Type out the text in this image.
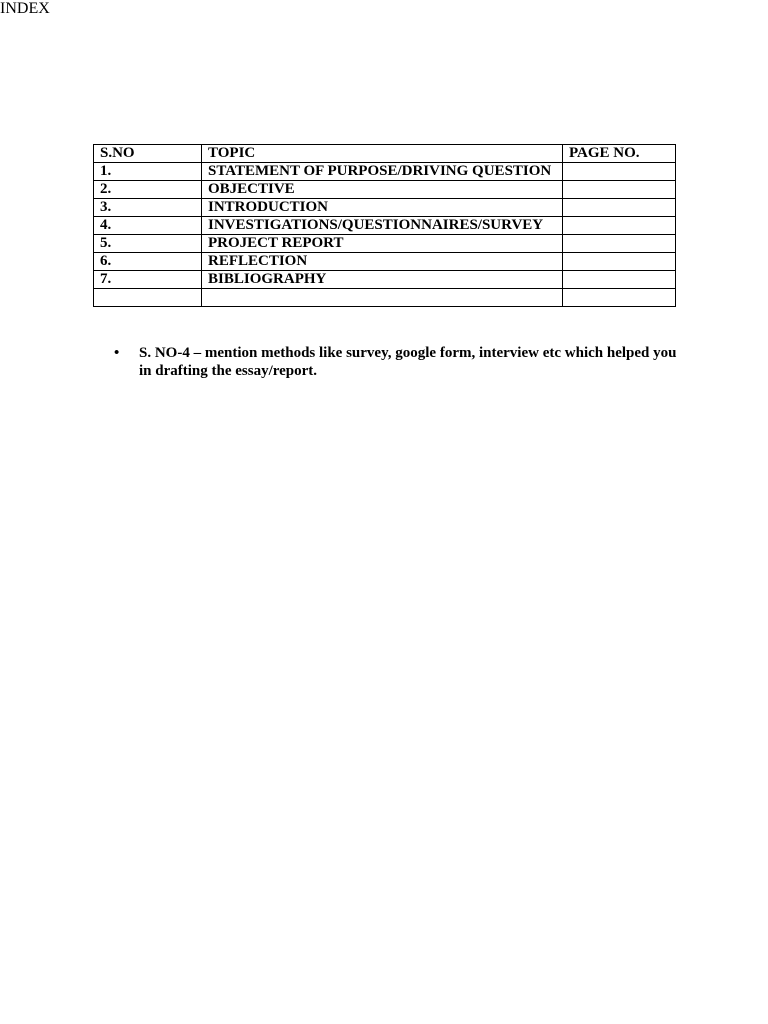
INDEX
S.NO	TOPIC	PAGE NO.
1.	STATEMENT OF PURPOSE/DRIVING QUESTION	
2.	OBJECTIVE	
3.	INTRODUCTION	
4.	INVESTIGATIONS/QUESTIONNAIRES/SURVEY	
5.	PROJECT REPORT	
6.	REFLECTION	
7.	BIBLIOGRAPHY	

• S. NO-4 – mention methods like survey, google form, interview etc which helped you in drafting the essay/report.
